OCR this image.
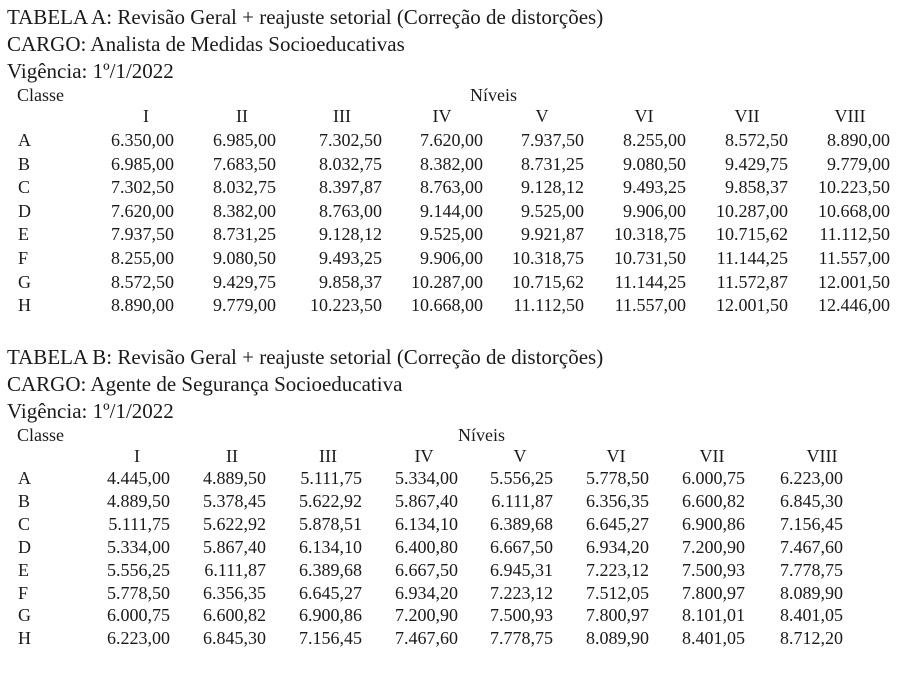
TABELA A: Revisão Geral + reajuste setorial (Correção de distorções)
CARGO: Analista de Medidas Socioeducativas
Vigência: 1º/1/2022
Classe	Níveis
I	II	III	IV	V	VI	VII	VIII
A	6.350,00	6.985,00	7.302,50	7.620,00	7.937,50	8.255,00	8.572,50	8.890,00
B	6.985,00	7.683,50	8.032,75	8.382,00	8.731,25	9.080,50	9.429,75	9.779,00
C	7.302,50	8.032,75	8.397,87	8.763,00	9.128,12	9.493,25	9.858,37	10.223,50
D	7.620,00	8.382,00	8.763,00	9.144,00	9.525,00	9.906,00	10.287,00	10.668,00
E	7.937,50	8.731,25	9.128,12	9.525,00	9.921,87	10.318,75	10.715,62	11.112,50
F	8.255,00	9.080,50	9.493,25	9.906,00	10.318,75	10.731,50	11.144,25	11.557,00
G	8.572,50	9.429,75	9.858,37	10.287,00	10.715,62	11.144,25	11.572,87	12.001,50
H	8.890,00	9.779,00	10.223,50	10.668,00	11.112,50	11.557,00	12.001,50	12.446,00
TABELA B: Revisão Geral + reajuste setorial (Correção de distorções)
CARGO: Agente de Segurança Socioeducativa
Vigência: 1º/1/2022
Classe	Níveis
I	II	III	IV	V	VI	VII	VIII
A	4.445,00	4.889,50	5.111,75	5.334,00	5.556,25	5.778,50	6.000,75	6.223,00
B	4.889,50	5.378,45	5.622,92	5.867,40	6.111,87	6.356,35	6.600,82	6.845,30
C	5.111,75	5.622,92	5.878,51	6.134,10	6.389,68	6.645,27	6.900,86	7.156,45
D	5.334,00	5.867,40	6.134,10	6.400,80	6.667,50	6.934,20	7.200,90	7.467,60
E	5.556,25	6.111,87	6.389,68	6.667,50	6.945,31	7.223,12	7.500,93	7.778,75
F	5.778,50	6.356,35	6.645,27	6.934,20	7.223,12	7.512,05	7.800,97	8.089,90
G	6.000,75	6.600,82	6.900,86	7.200,90	7.500,93	7.800,97	8.101,01	8.401,05
H	6.223,00	6.845,30	7.156,45	7.467,60	7.778,75	8.089,90	8.401,05	8.712,20
